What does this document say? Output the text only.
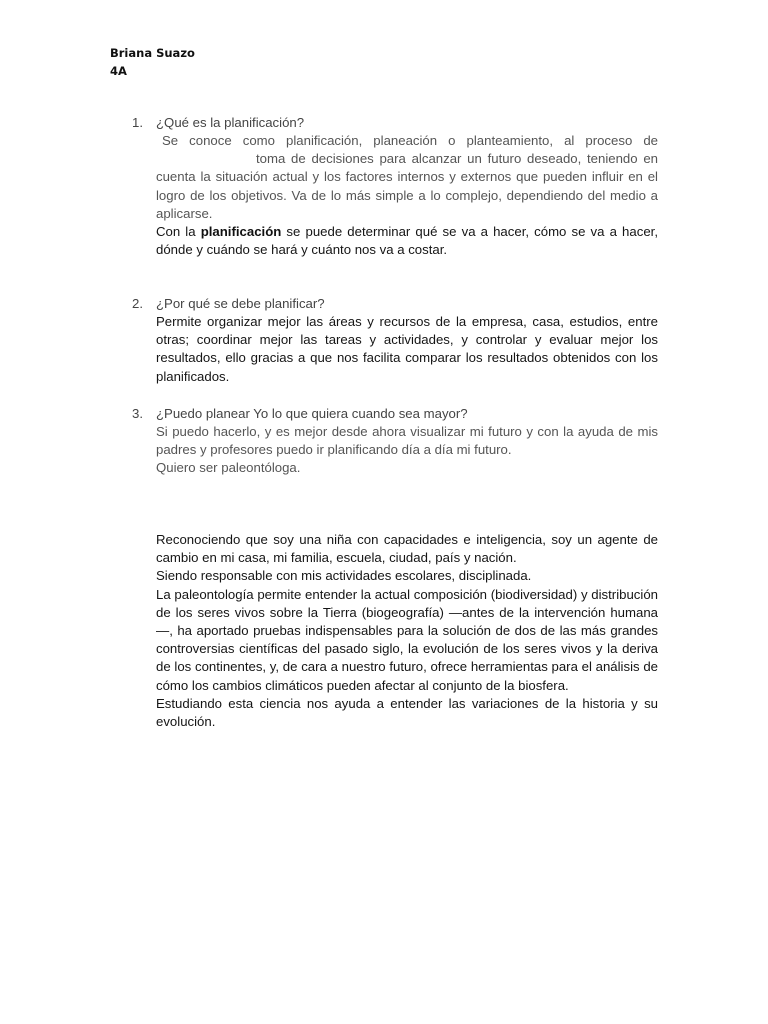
Briana Suazo
4A
1. ¿Qué es la planificación?

Se conoce como planificación, planeación o planteamiento, al proceso detoma de decisiones para alcanzar un futuro deseado, teniendo en cuenta la situación actual y los factores internos y externos que pueden influir en el logro de los objetivos. Va de lo más simple a lo complejo, dependiendo del medio a aplicarse.

Con la planificación se puede determinar qué se va a hacer, cómo se va a hacer, dónde y cuándo se hará y cuánto nos va a costar.

2. ¿Por qué se debe planificar?

Permite organizar mejor las áreas y recursos de la empresa, casa, estudios, entre otras; coordinar mejor las tareas y actividades, y controlar y evaluar mejor los resultados, ello gracias a que nos facilita comparar los resultados obtenidos con los planificados.

3. ¿Puedo planear Yo lo que quiera cuando sea mayor?

Si puedo hacerlo, y es mejor desde ahora visualizar mi futuro y con la ayuda de mis padres y profesores puedo ir planificando día a día mi futuro.

Quiero ser paleontóloga.

Reconociendo que soy una niña con capacidades e inteligencia, soy un agente de cambio en mi casa, mi familia, escuela, ciudad, país y nación.

Siendo responsable con mis actividades escolares, disciplinada.

La paleontología permite entender la actual composición (biodiversidad) y distribución de los seres vivos sobre la Tierra (biogeografía) —antes de la intervención humana—, ha aportado pruebas indispensables para la solución de dos de las más grandes controversias científicas del pasado siglo, la evolución de los seres vivos y la deriva de los continentes, y, de cara a nuestro futuro, ofrece herramientas para el análisis de cómo los cambios climáticos pueden afectar al conjunto de la biosfera.

Estudiando esta ciencia nos ayuda a entender las variaciones de la historia y su evolución.
